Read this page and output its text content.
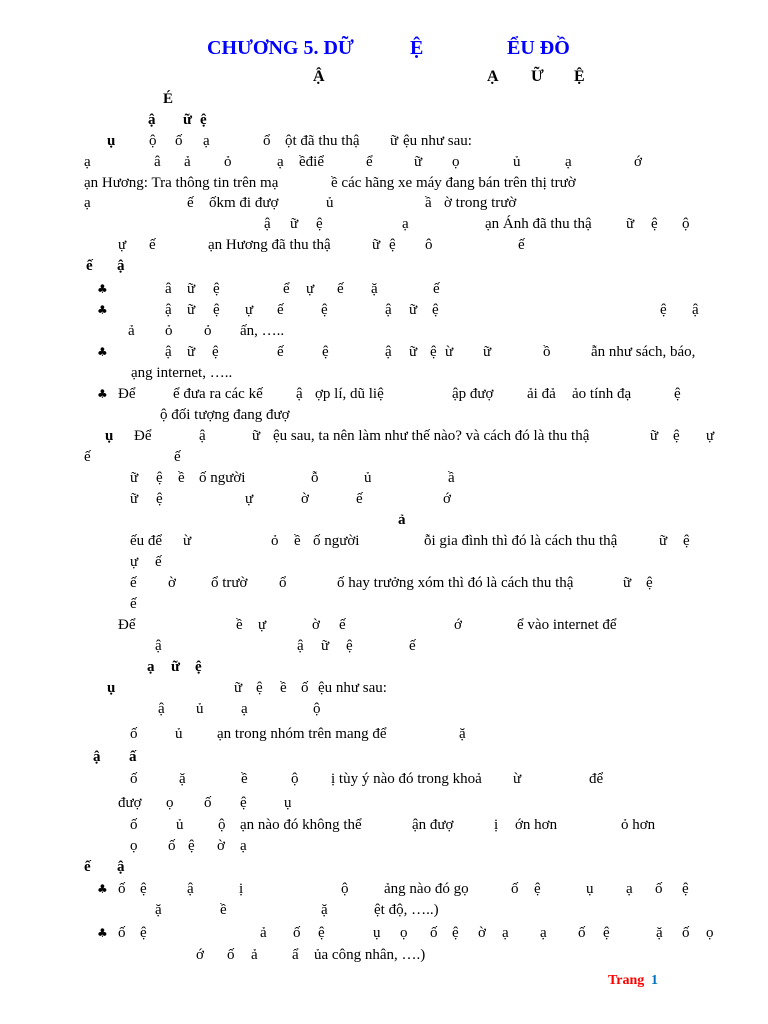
CHƯƠNG 5. DỮ	Ệ	ỂU ĐỒ
Ậ	Ạ Ữ Ệ
É
ậ ữ ệ
ụ ộ ố ạ	ổ ột đã thu thậ ữ ệu như sau:
ạ	â ả ỏ	ạ ềđiể	ể	ữ ọ	ủ	ạ	ớ
ạn Hương: Tra thông tin trên mạ	ề các hãng xe máy đang bán trên thị trườ
ạ	ế ốkm đi đượ	ủ	ầ ờ trong trườ
ậ ữ ệ	ạ	ạn Ánh đã thu thậ ữ ệ ộ
ự ế	ạn Hương đã thu thậ	ữ ệ ô	ế
ế ậ
♣	â ữ ệ	ể ự ế ặ	ế
♣	ậ ữ ệ ự ế ệ	ậ ữ ệ	ệ ậ
ả ỏ ỏ ấn, …..
♣	ậ ữ ệ	ế	ệ	ậ ữ ệ ừ ữ	ồ	ẫn như sách, báo,
ạng internet, …..
♣ Để	ể đưa ra các kế ậ ợp lí, dũ liệ	ập đượ ải đả ảo tính đạ	ệ
ộ đối tượng đang đượ
ụ Để	ậ	ữ ệu sau, ta nên làm như thế nào? và cách đó là thu thậ	ữ ệ ự
ế	ế
ữ ệ ề ố người	ỗ	ủ	ầ
ữ ệ	ự	ờ	ế	ớ
ả
ếu để ừ	ỏ ề ố người	ỗi gia đình thì đó là cách thu thậ	ữ ệ
ự ế
ế ờ ổ trườ ổ	ố hay trưởng xóm thì đó là cách thu thậ	ữ ệ
ế
Để	ề ự	ờ ế	ớ	ể vào internet để
ậ	ậ ữ ệ	ế
ạ ữ ệ
ụ	ữ ệ ề ố ệu như sau:
ậ ủ	ạ	ộ
ố	ủ ạn trong nhóm trên mang để	ặ
ậ ấ
ố	ặ	ề	ộ ị tùy ý nào đó trong khoả ừ	để
đượ ọ ố ệ ụ
ố	ủ ộ ạn nào đó không thể	ận đượ	ị ớn hơn	ỏ hơn
ọ ố ệ ờ ạ
ế ậ
♣ ố ệ	ậ	ị	ộ ảng nào đó gọ	ố ệ	ụ ạ ố ệ
ặ	ề	ặ	ệt độ, …..)
♣ ố ệ	ả ố ệ	ụ ọ ố ệ ờ ạ ạ ố ệ	ặ ố ọ
ớ ố ả ẩ ủa công nhân, ….)
Trang 1
